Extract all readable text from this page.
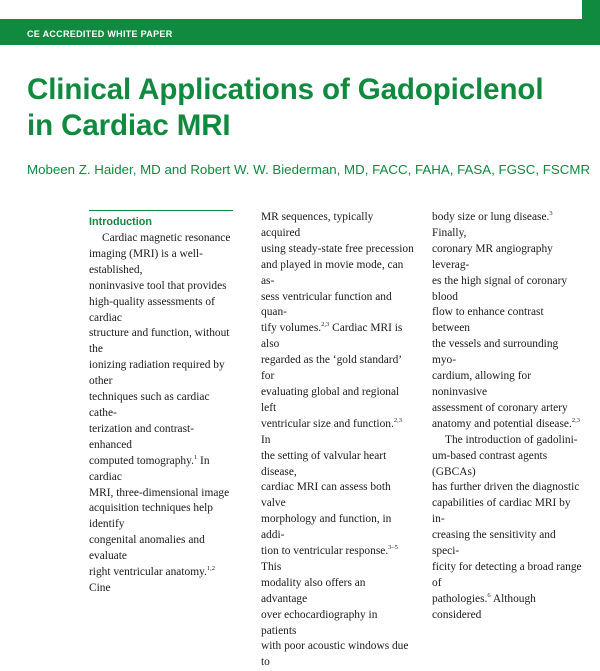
CE ACCREDITED WHITE PAPER
Clinical Applications of Gadopiclenol
in Cardiac MRI

Mobeen Z. Haider, MD and Robert W. W. Biederman, MD, FACC, FAHA, FASA, FGSC, FSCMR

Introduction

Cardiac magnetic resonance
imaging (MRI) is a well-established,
noninvasive tool that provides
high-quality assessments of cardiac
structure and function, without the
ionizing radiation required by other
techniques such as cardiac cathe-
terization and contrast-enhanced
computed tomography.$^1$ In cardiac
MRI, three-dimensional image
acquisition techniques help identify
congenital anomalies and evaluate
right ventricular anatomy.$^{1,2}$ Cine

MR sequences, typically acquired
using steady-state free precession
and played in movie mode, can as-
sess ventricular function and quan-
tify volumes.$^{2,3}$ Cardiac MRI is also
regarded as the ‘gold standard’ for
evaluating global and regional left
ventricular size and function.$^{2,3}$ In
the setting of valvular heart disease,
cardiac MRI can assess both valve
morphology and function, in addi-
tion to ventricular response.$^{3-5}$ This
modality also offers an advantage
over echocardiography in patients
with poor acoustic windows due to

body size or lung disease.$^3$ Finally,
coronary MR angiography leverag-
es the high signal of coronary blood
flow to enhance contrast between
the vessels and surrounding myo-
cardium, allowing for noninvasive
assessment of coronary artery
anatomy and potential disease.$^{2,3}$

The introduction of gadolini-
um-based contrast agents (GBCAs)
has further driven the diagnostic
capabilities of cardiac MRI by in-
creasing the sensitivity and speci-
ficity for detecting a broad range of
pathologies.$^6$ Although considered
